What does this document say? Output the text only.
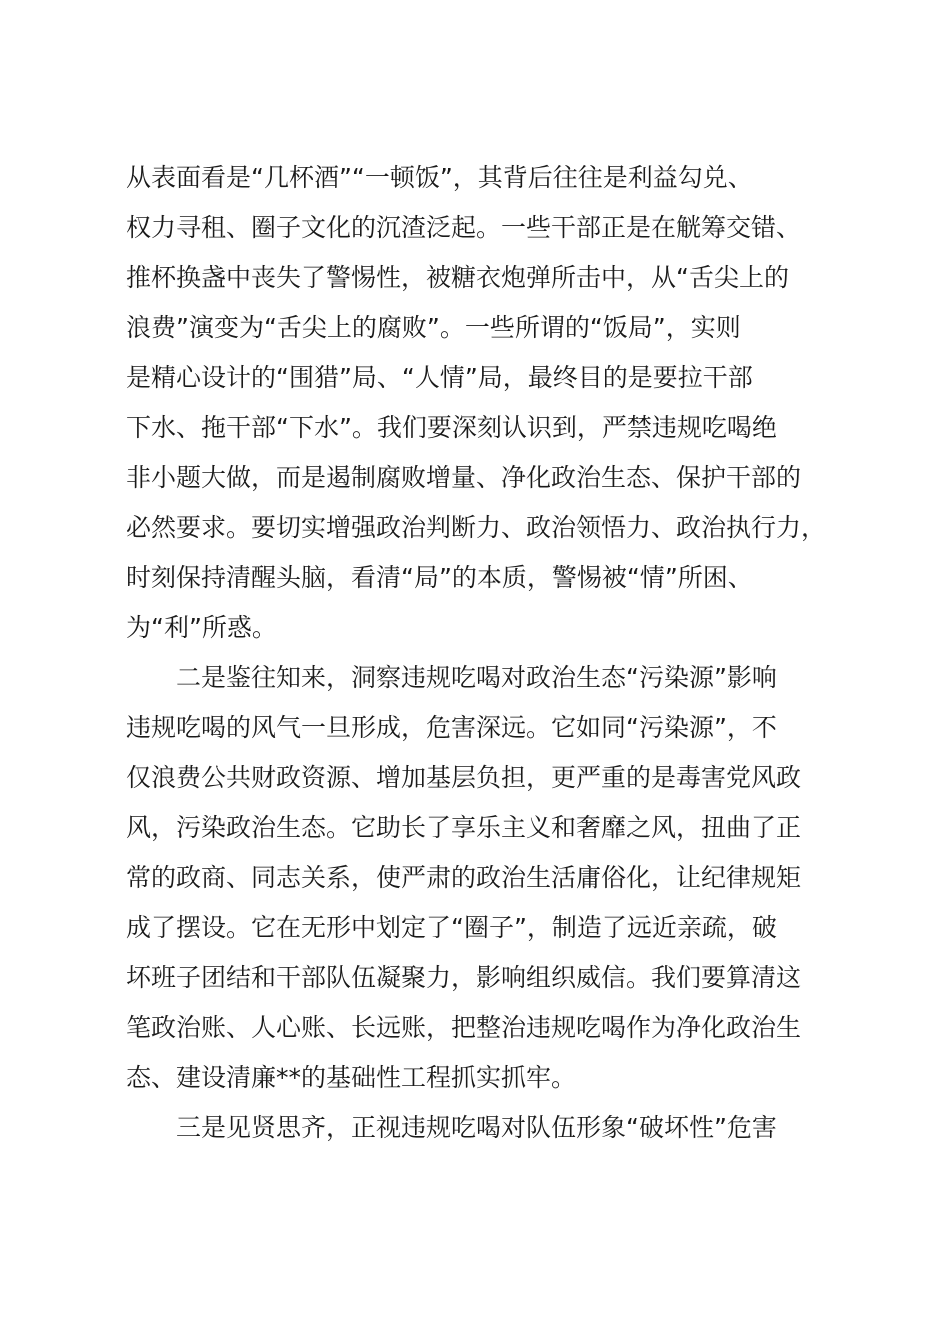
从表面看是“几杯酒”“一顿饭”，其背后往往是利益勾兑、
权力寻租、圈子文化的沉渣泛起。一些干部正是在觥筹交错、
推杯换盏中丧失了警惕性，被糖衣炮弹所击中，从“舌尖上的
浪费”演变为“舌尖上的腐败”。一些所谓的“饭局”，实则
是精心设计的“围猎”局、“人情”局，最终目的是要拉干部
下水、拖干部“下水”。我们要深刻认识到，严禁违规吃喝绝
非小题大做，而是遏制腐败增量、净化政治生态、保护干部的
必然要求。要切实增强政治判断力、政治领悟力、政治执行力，
时刻保持清醒头脑，看清“局”的本质，警惕被“情”所困、
为“利”所惑。
　　二是鉴往知来，洞察违规吃喝对政治生态“污染源”影响
违规吃喝的风气一旦形成，危害深远。它如同“污染源”，不
仅浪费公共财政资源、增加基层负担，更严重的是毒害党风政
风，污染政治生态。它助长了享乐主义和奢靡之风，扭曲了正
常的政商、同志关系，使严肃的政治生活庸俗化，让纪律规矩
成了摆设。它在无形中划定了“圈子”，制造了远近亲疏，破
坏班子团结和干部队伍凝聚力，影响组织威信。我们要算清这
笔政治账、人心账、长远账，把整治违规吃喝作为净化政治生
态、建设清廉**的基础性工程抓实抓牢。
　　三是见贤思齐，正视违规吃喝对队伍形象“破坏性”危害
